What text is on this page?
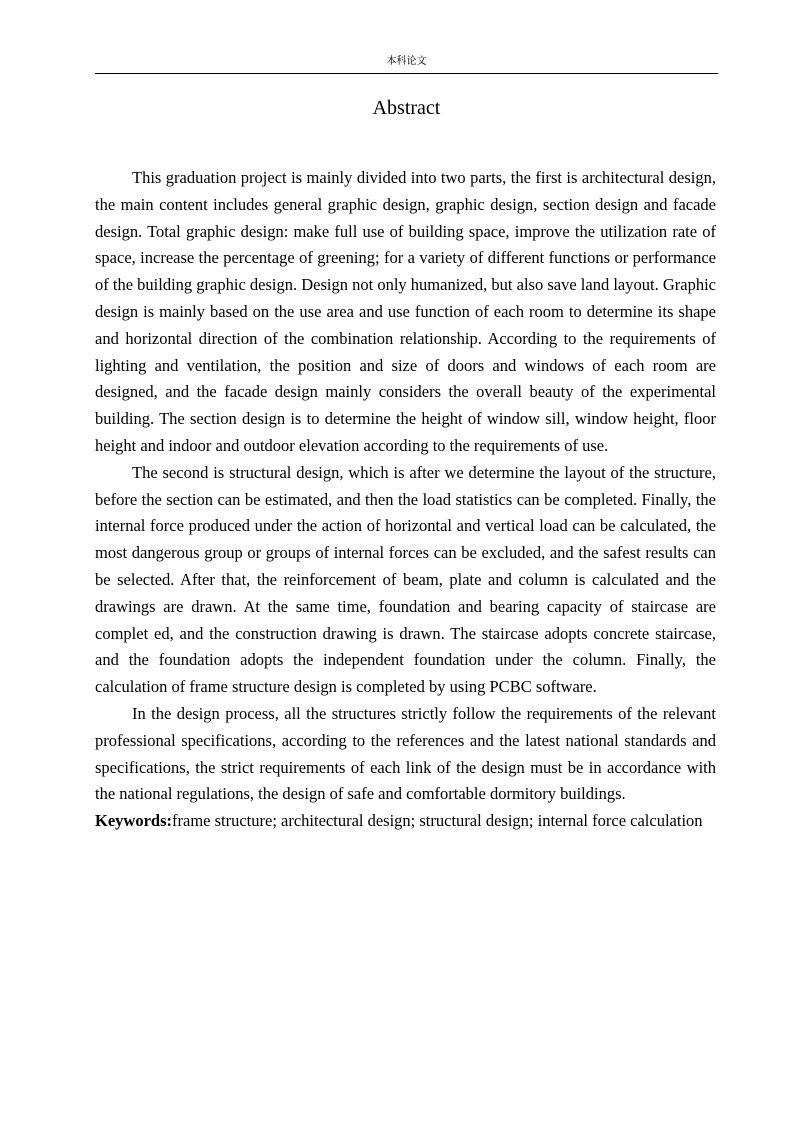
本科论文
Abstract

This graduation project is mainly divided into two parts, the first is architectural design, the main content includes general graphic design, graphic design, section design and facade design. Total graphic design: make full use of building space, improve the utilization rate of space, increase the percentage of greening; for a variety of different functions or performance of the building graphic design. Design not only humanized, but also save land layout. Graphic design is mainly based on the use area and use function of each room to determine its shape and horizontal direction of the combination relationship. According to the requirements of lighting and ventilation, the position and size of doors and windows of each room are designed, and the facade design mainly considers the overall beauty of the experimental building. The section design is to determine the height of window sill, window height, floor height and indoor and outdoor elevation according to the requirements of use.

The second is structural design, which is after we determine the layout of the structure, before the section can be estimated, and then the load statistics can be completed. Finally, the internal force produced under the action of horizontal and vertical load can be calculated, the most dangerous group or groups of internal forces can be excluded, and the safest results can be selected. After that, the reinforcement of beam, plate and column is calculated and the drawings are drawn. At the same time, foundation and bearing capacity of staircase are complet ed, and the construction drawing is drawn. The staircase adopts concrete staircase, and the foundation adopts the independent foundation under the column. Finally, the calculation of frame structure design is completed by using PCBC software.

In the design process, all the structures strictly follow the requirements of the relevant professional specifications, according to the references and the latest national standards and specifications, the strict requirements of each link of the design must be in accordance with the national regulations, the design of safe and comfortable dormitory buildings.

Keywords:frame structure; architectural design; structural design; internal force calculation
